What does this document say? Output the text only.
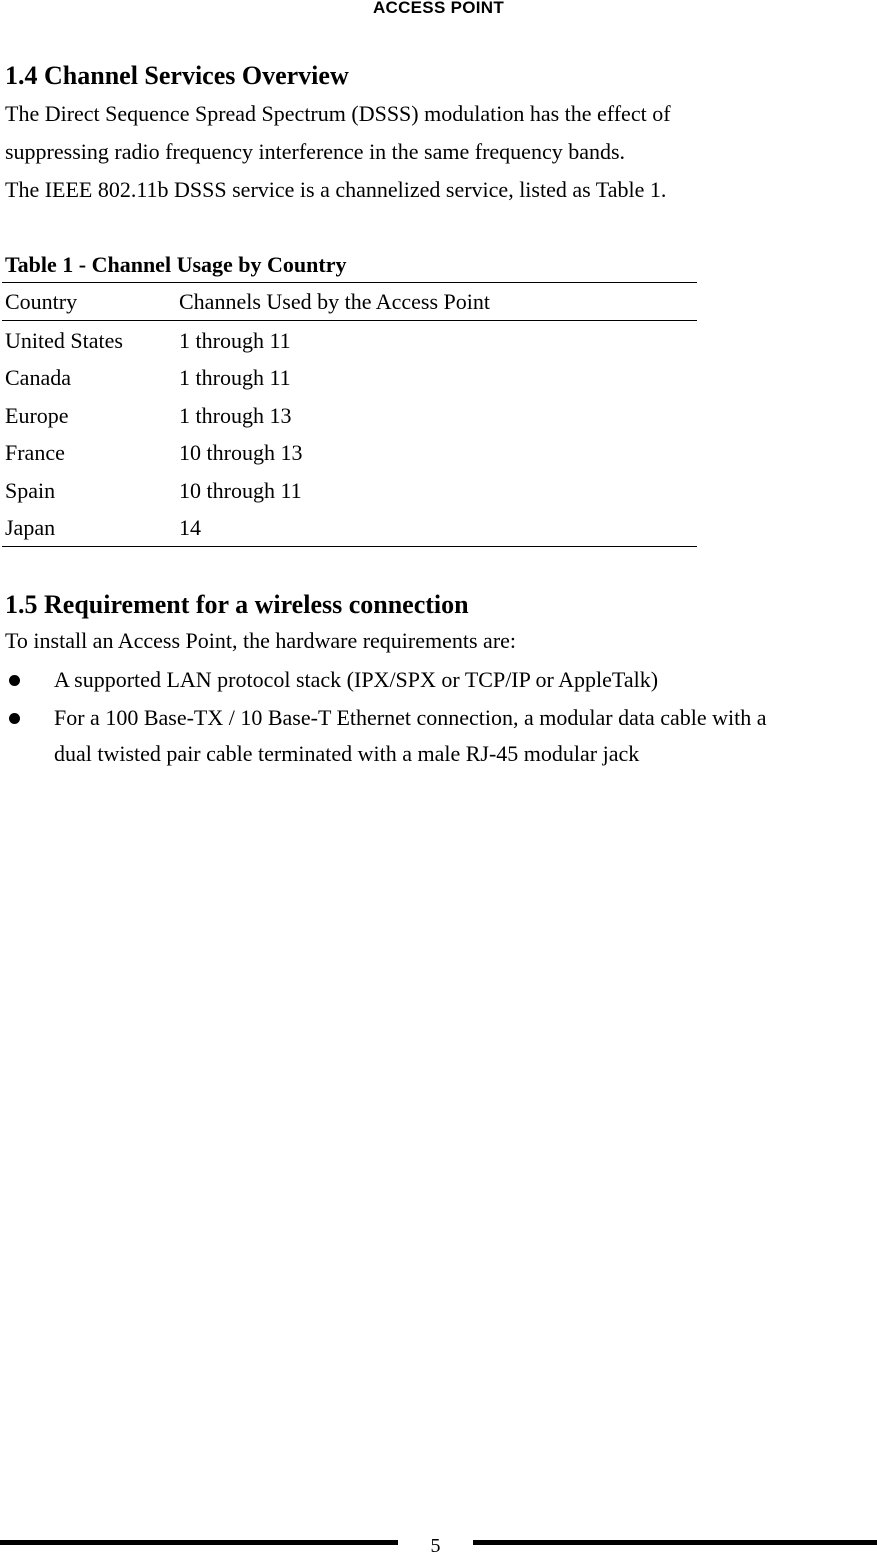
ACCESS POINT
1.4 Channel Services Overview

The Direct Sequence Spread Spectrum (DSSS) modulation has the effect of

suppressing radio frequency interference in the same frequency bands.

The IEEE 802.11b DSSS service is a channelized service, listed as Table 1.

Table 1 - Channel Usage by Country

Country	Channels Used by the Access Point
United States	1 through 11
Canada	1 through 11
Europe	1 through 13
France	10 through 13
Spain	10 through 11
Japan	14
1.5 Requirement for a wireless connection

To install an Access Point, the hardware requirements are:

A supported LAN protocol stack (IPX/SPX or TCP/IP or AppleTalk)

For a 100 Base-TX / 10 Base-T Ethernet connection, a modular data cable with a

dual twisted pair cable terminated with a male RJ-45 modular jack

5
